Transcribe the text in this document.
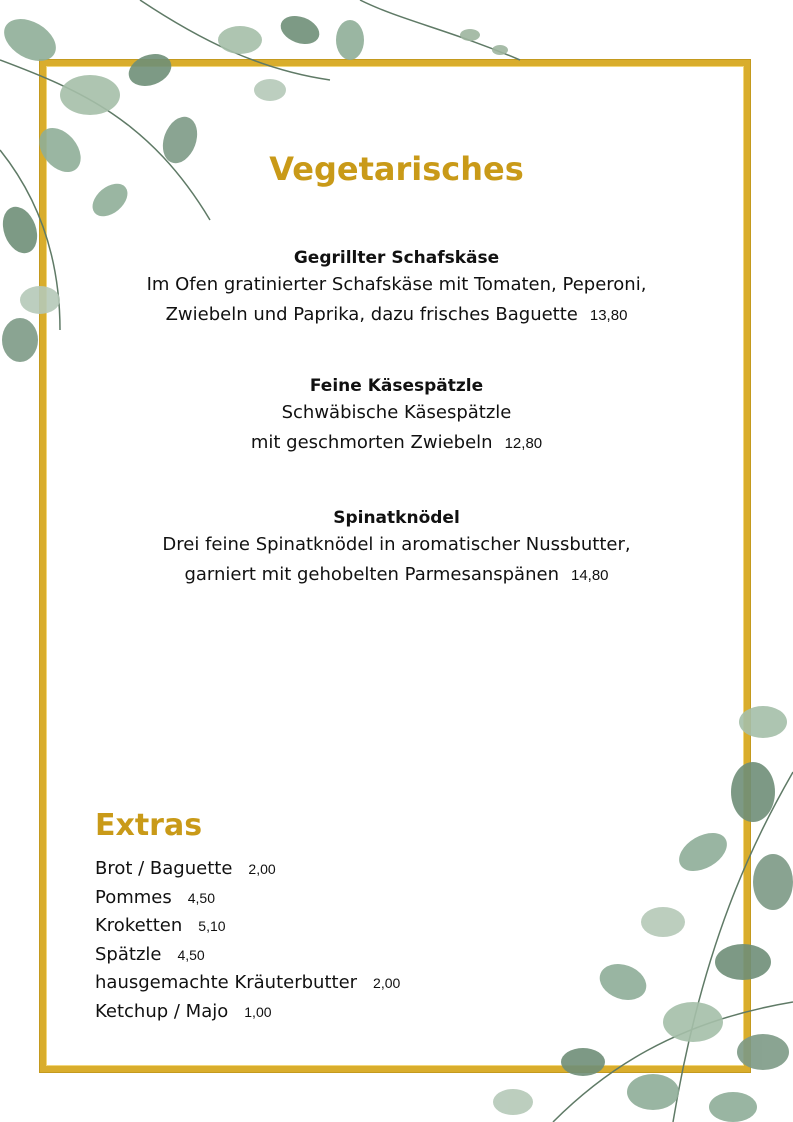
Vegetarisches
Gegrillter Schafskäse
Im Ofen gratinierter Schafskäse mit Tomaten, Peperoni,
Zwiebeln und Paprika, dazu frisches Baguette 13,80
Feine Käsespätzle
Schwäbische Käsespätzle
mit geschmorten Zwiebeln 12,80
Spinatknödel
Drei feine Spinatknödel in aromatischer Nussbutter,
garniert mit gehobelten Parmesanspänen 14,80
Extras
Brot / Baguette 2,00
Pommes 4,50
Kroketten 5,10
Spätzle 4,50
hausgemachte Kräuterbutter 2,00
Ketchup / Majo 1,00
